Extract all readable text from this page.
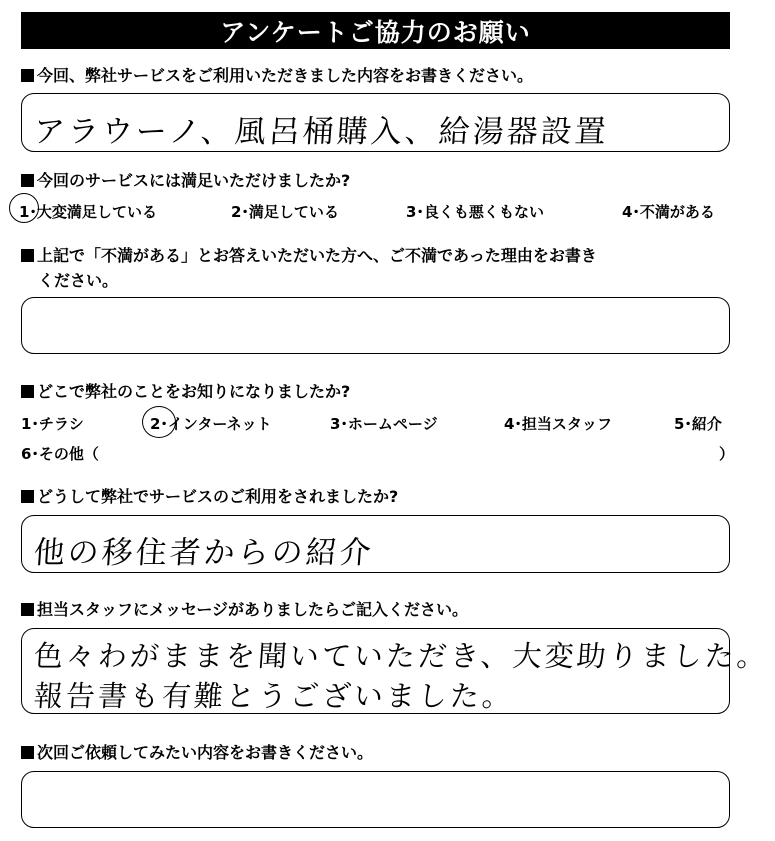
アンケートご協力のお願い
今回、弊社サービスをご利用いただきました内容をお書きください。
アラウーノ、風呂桶購入、給湯器設置
今回のサービスには満足いただけましたか?
1･大変満足している	2･満足している	3･良くも悪くもない	4･不満がある
上記で「不満がある」とお答えいただいた方へ、ご不満であった理由をお書き
ください。
どこで弊社のことをお知りになりましたか?
1･チラシ	2･インターネット	3･ホームページ	4･担当スタッフ	5･紹介
6･その他（	）
どうして弊社でサービスのご利用をされましたか?
他の移住者からの紹介
担当スタッフにメッセージがありましたらご記入ください。
色々わがままを聞いていただき、大変助りました。
報告書も有難とうございました。
次回ご依頼してみたい内容をお書きください。
